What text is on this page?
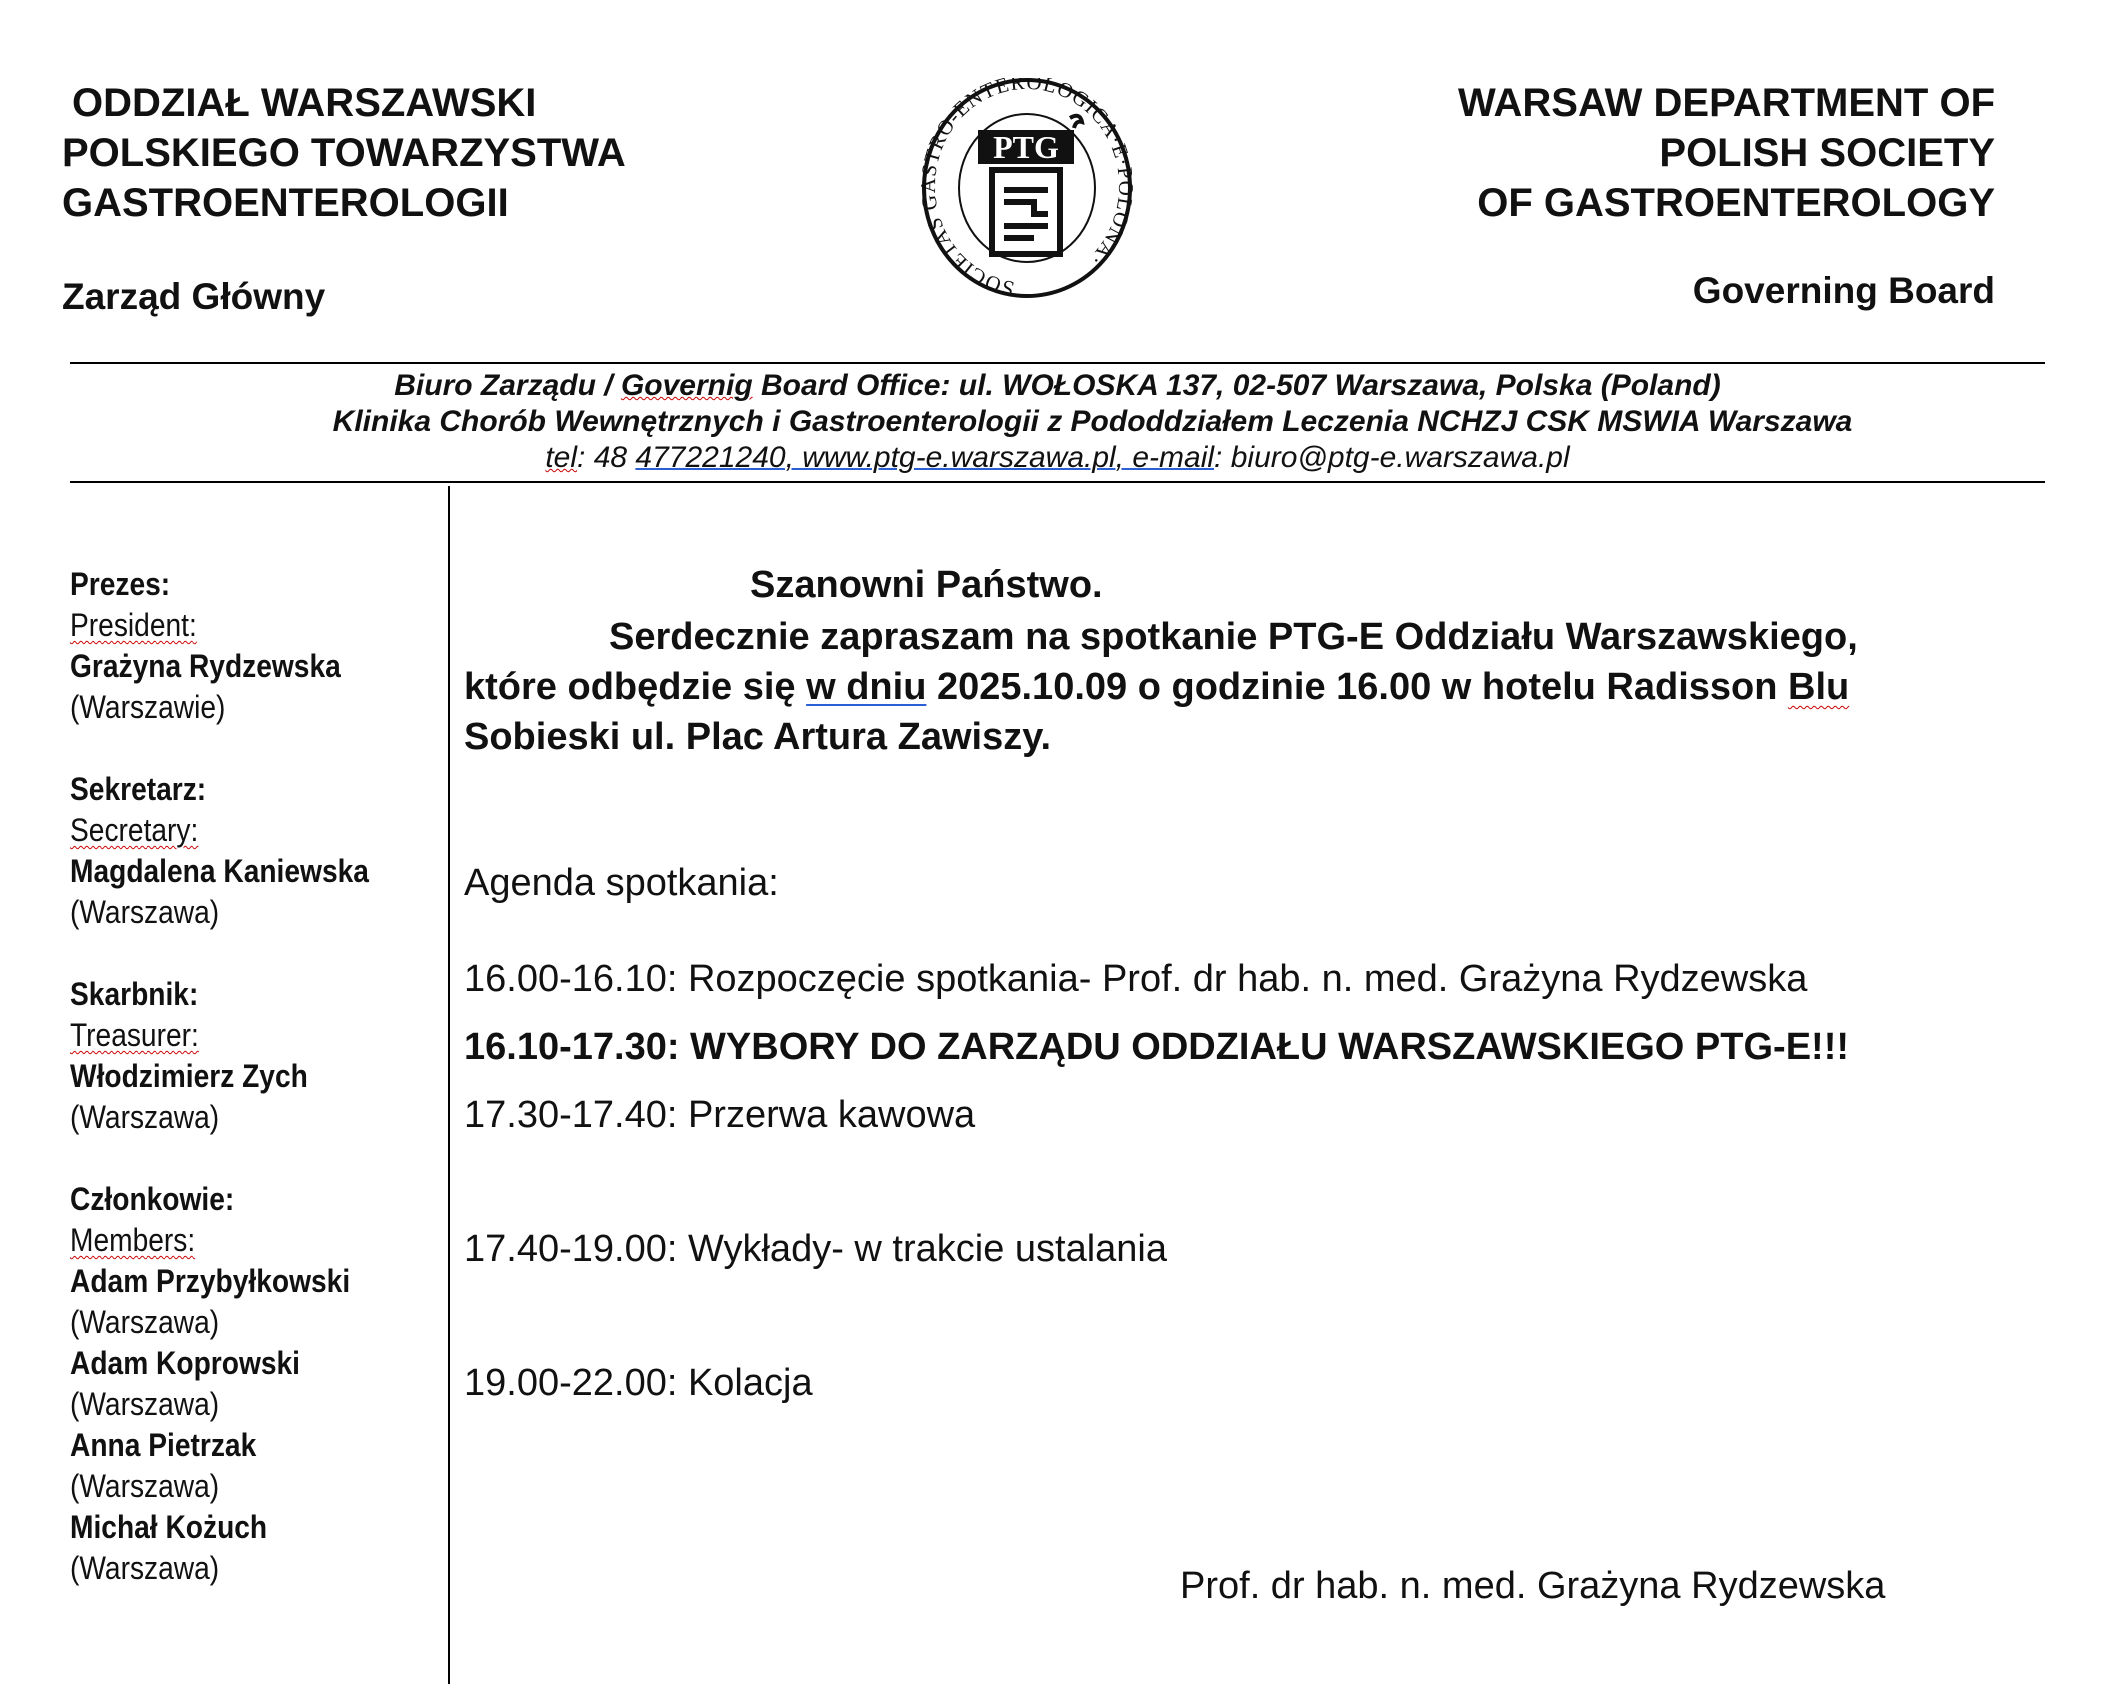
ODDZIAŁ WARSZAWSKI
POLSKIEGO TOWARZYSTWA
GASTROENTEROLOGII
Zarząd Główny	SOCIETAS TRO-ENTEROLOGICA·E· LONA·
PTG
WARSAW DEPARTMENT OF
POLISH SOCIETY
OF GASTROENTEROLOGY
Governing Board
Biuro Zarządu / Governig Board Office: ul. WOŁOSKA 137, 02-507 Warszawa, Polska (Poland)
Klinika Chorób Wewnętrznych i Gastroenterologii z Pododdziałem Leczenia NCHZJ CSK MSWIA Warszawa
tel: 48 477221240, www.ptg-e.warszawa.pl, e-mail: biuro@ptg-e.warszawa.pl
Prezes:
President:
Grażyna Rydzewska
(Warszawie)
Sekretarz:
Secretary:
Magdalena Kaniewska
(Warszawa)
Skarbnik:
Treasurer:
Włodzimierz Zych
(Warszawa)
Członkowie:
Members:
Adam Przybyłkowski
(Warszawa)
Adam Koprowski
(Warszawa)
Anna Pietrzak
(Warszawa)
Michał Kożuch
(Warszawa)
Szanowni Państwo.
Serdecznie zapraszam na spotkanie PTG-E Oddziału Warszawskiego,
które odbędzie się w dniu 2025.10.09 o godzinie 16.00 w hotelu Radisson Blu
Sobieski ul. Plac Artura Zawiszy.
Agenda spotkania:
16.00-16.10: Rozpoczęcie spotkania- Prof. dr hab. n. med. Grażyna Rydzewska
16.10-17.30: WYBORY DO ZARZĄDU ODDZIAŁU WARSZAWSKIEGO PTG-E!!!
17.30-17.40: Przerwa kawowa
17.40-19.00: Wykłady- w trakcie ustalania
19.00-22.00: Kolacja
Prof. dr hab. n. med. Grażyna Rydzewska
